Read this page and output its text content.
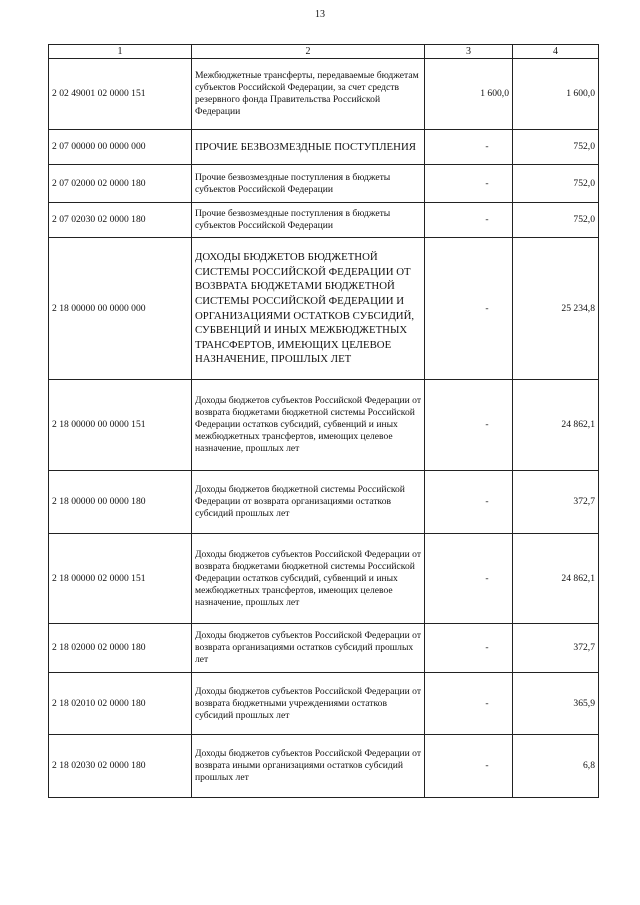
13
1	2	3	4
2 02 49001 02 0000 151	Межбюджетные трансферты, передаваемые бюджетам субъектов Российской Федерации, за счет средств резервного фонда Правительства Российской Федерации	1 600,0	1 600,0
2 07 00000 00 0000 000	ПРОЧИЕ БЕЗВОЗМЕЗДНЫЕ ПОСТУПЛЕНИЯ	-	752,0
2 07 02000 02 0000 180	Прочие безвозмездные поступления в бюджеты субъектов Российской Федерации	-	752,0
2 07 02030 02 0000 180	Прочие безвозмездные поступления в бюджеты субъектов Российской Федерации	-	752,0
2 18 00000 00 0000 000	ДОХОДЫ БЮДЖЕТОВ БЮДЖЕТНОЙ СИСТЕМЫ РОССИЙСКОЙ ФЕДЕРАЦИИ ОТ ВОЗВРАТА БЮДЖЕТАМИ БЮДЖЕТНОЙ СИСТЕМЫ РОССИЙСКОЙ ФЕДЕРАЦИИ И ОРГАНИЗАЦИЯМИ ОСТАТКОВ СУБСИДИЙ, СУБВЕНЦИЙ И ИНЫХ МЕЖБЮДЖЕТНЫХ ТРАНСФЕРТОВ, ИМЕЮЩИХ ЦЕЛЕВОЕ НАЗНАЧЕНИЕ, ПРОШЛЫХ ЛЕТ	-	25 234,8
2 18 00000 00 0000 151	Доходы бюджетов субъектов Российской Федерации от возврата бюджетами бюджетной системы Российской Федерации остатков субсидий, субвенций и иных межбюджетных трансфертов, имеющих целевое назначение, прошлых лет	-	24 862,1
2 18 00000 00 0000 180	Доходы бюджетов бюджетной системы Российской Федерации от возврата организациями остатков субсидий прошлых лет	-	372,7
2 18 00000 02 0000 151	Доходы бюджетов субъектов Российской Федерации от возврата бюджетами бюджетной системы Российской Федерации остатков субсидий, субвенций и иных межбюджетных трансфертов, имеющих целевое назначение, прошлых лет	-	24 862,1
2 18 02000 02 0000 180	Доходы бюджетов субъектов Российской Федерации от возврата организациями остатков субсидий прошлых лет	-	372,7
2 18 02010 02 0000 180	Доходы бюджетов субъектов Российской Федерации от возврата бюджетными учреждениями остатков субсидий прошлых лет	-	365,9
2 18 02030 02 0000 180	Доходы бюджетов субъектов Российской Федерации от возврата иными организациями остатков субсидий прошлых лет	-	6,8
